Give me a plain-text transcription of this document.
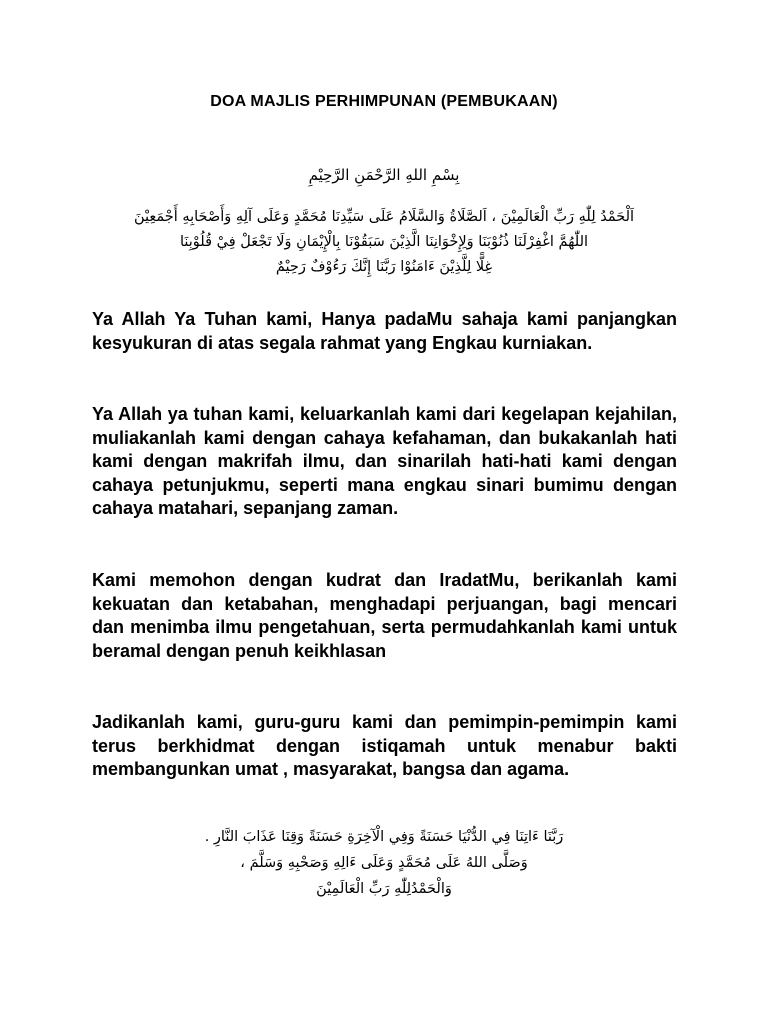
DOA MAJLIS PERHIMPUNAN (PEMBUKAAN)
بِسْمِ اللهِ الرَّحْمَنِ الرَّحِيْمِ
اَلْحَمْدُ لِلّٰهِ رَبِّ الْعَالَمِيْنَ ، اَلصَّلَاةُ وَالسَّلَامُ عَلَى سَيِّدِنَا مُحَمَّدٍ وَعَلَى آلِهِ وَأَصْحَابِهِ أَجْمَعِيْنَ
اللّٰهُمَّ اغْفِرْلَنَا ذُنُوْبَنَا وَلِإِخْوَانِنَا الَّذِيْنَ سَبَقُوْنَا بِالْإِيْمَانِ وَلَا تَجْعَلْ فِيْ قُلُوْبِنَا
غِلًّا لِلَّذِيْنَ ءَامَنُوْا رَبَّنَا إِنَّكَ رَءُوْفٌ رَحِيْمٌ

Ya Allah Ya Tuhan kami, Hanya padaMu sahaja kami panjangkan kesyukuran di atas segala rahmat yang Engkau kurniakan.

Ya Allah ya tuhan kami, keluarkanlah kami dari kegelapan kejahilan, muliakanlah kami dengan cahaya kefahaman, dan bukakanlah hati kami dengan makrifah ilmu, dan sinarilah hati-hati kami dengan cahaya petunjukmu, seperti mana engkau sinari bumimu dengan cahaya matahari, sepanjang zaman.

Kami memohon dengan kudrat dan IradatMu, berikanlah kami kekuatan dan ketabahan, menghadapi perjuangan, bagi mencari dan menimba ilmu pengetahuan, serta permudahkanlah kami untuk beramal dengan penuh keikhlasan

Jadikanlah kami, guru-guru kami dan pemimpin-pemimpin kami terus berkhidmat dengan istiqamah untuk menabur bakti membangunkan umat , masyarakat, bangsa dan agama.

رَبَّنَا ءَاتِنَا فِي الدُّنْيَا حَسَنَةً وَفِي الْآخِرَةِ حَسَنَةً وَقِنَا عَذَابَ النَّارِ .
وَصَلَّى اللهُ عَلَى مُحَمَّدٍ وَعَلَى ءَالِهِ وَصَحْبِهِ وَسَلَّمَ ،
وَالْحَمْدُلِلّٰهِ رَبِّ الْعَالَمِيْنَ
